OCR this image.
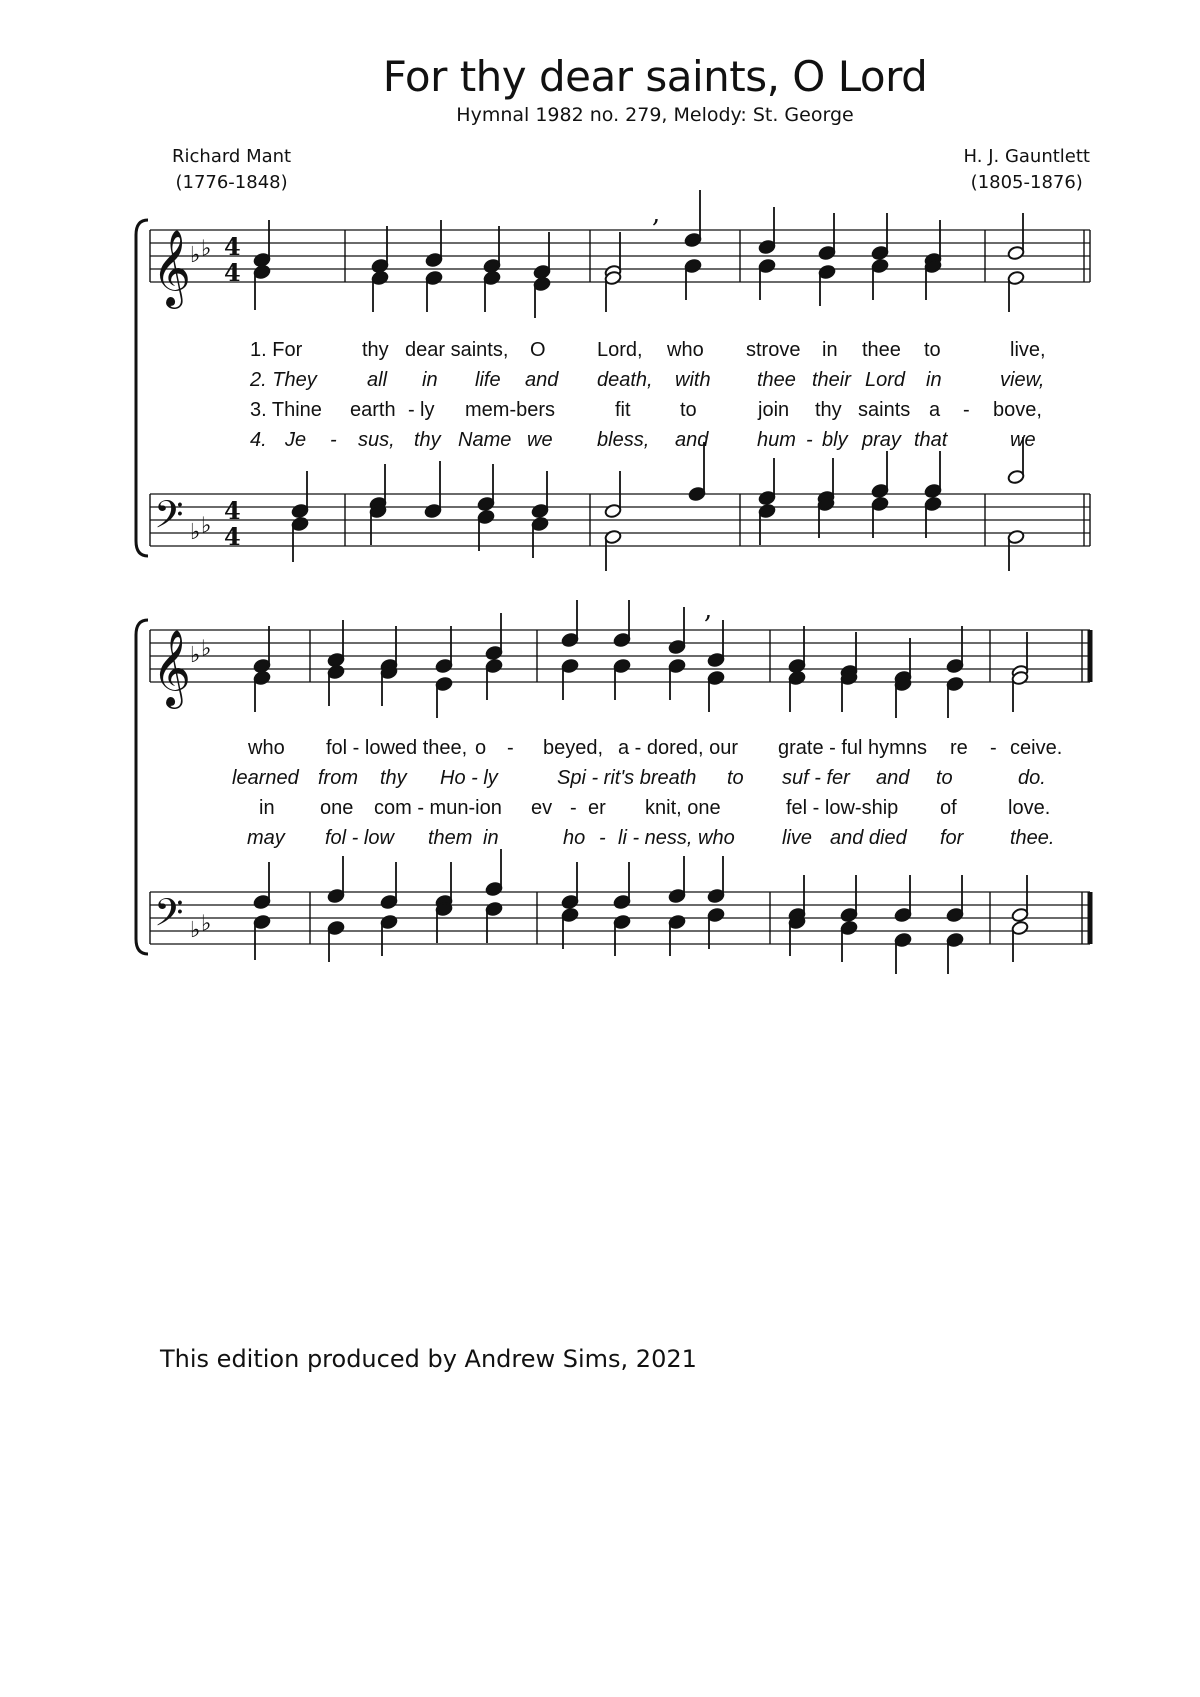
For thy dear saints, O Lord
Hymnal 1982 no. 279, Melody: St. George
Richard Mant
(1776-1848)
H. J. Gauntlett
(1805-1876)
𝄞
𝄢
♭ ♭
♭ ♭
4
4
4
4
,
,
𝄞
𝄢
♭ ♭
♭ ♭
1. For	thy dear saints, O	Lord, who strove in thee to	live,
2. They	all in life and death, with thee their Lord in	view,
3. Thine earth - ly mem-bers	fit to	join thy saints a - bove,
4. Je - sus, thy Name we bless, and hum - bly pray that	we
who fol - lowed thee, o - beyed, a - dored, our grate - ful hymns re - ceive.
learned from thy Ho - ly	Spi - rit's breath to suf - fer and to	do.
in one com - mun-ion ev - er knit, one	fel - low-ship of	love.
may fol - low them in	ho - li - ness, who live and died for thee.
This edition produced by Andrew Sims, 2021
